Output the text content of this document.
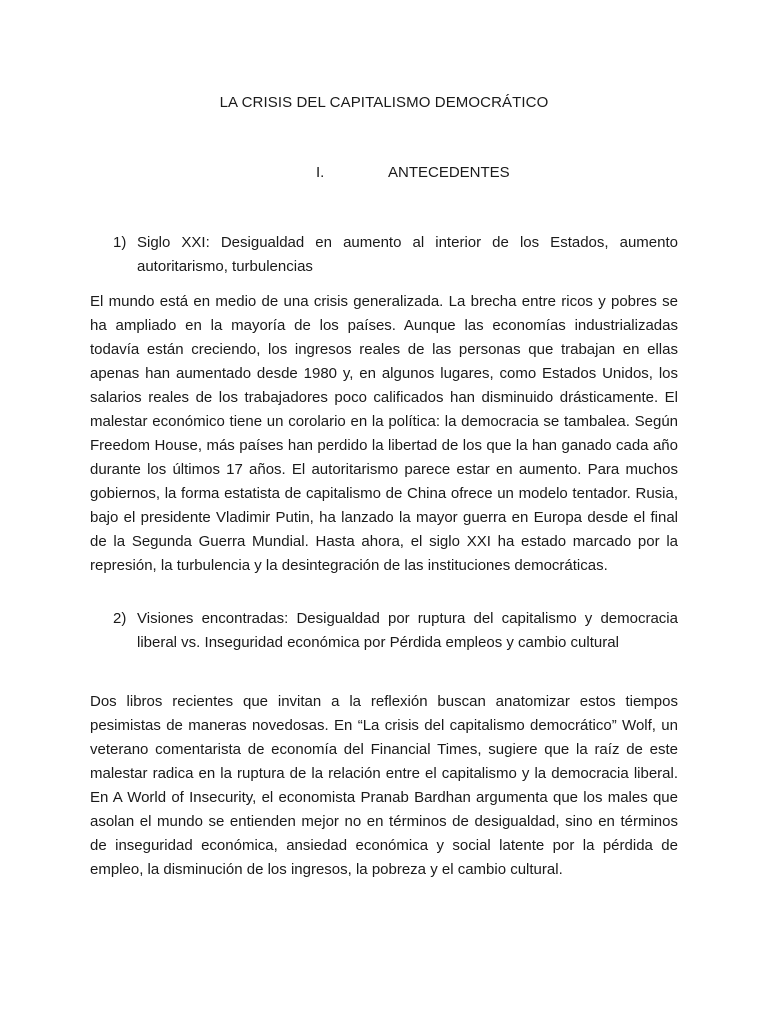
LA CRISIS DEL CAPITALISMO DEMOCRÁTICO
I.	ANTECEDENTES
1) Siglo XXI: Desigualdad en aumento al interior de los Estados, aumento autoritarismo, turbulencias

El mundo está en medio de una crisis generalizada. La brecha entre ricos y pobres se ha ampliado en la mayoría de los países. Aunque las economías industrializadas todavía están creciendo, los ingresos reales de las personas que trabajan en ellas apenas han aumentado desde 1980 y, en algunos lugares, como Estados Unidos, los salarios reales de los trabajadores poco calificados han disminuido drásticamente. El malestar económico tiene un corolario en la política: la democracia se tambalea. Según Freedom House, más países han perdido la libertad de los que la han ganado cada año durante los últimos 17 años. El autoritarismo parece estar en aumento. Para muchos gobiernos, la forma estatista de capitalismo de China ofrece un modelo tentador. Rusia, bajo el presidente Vladimir Putin, ha lanzado la mayor guerra en Europa desde el final de la Segunda Guerra Mundial. Hasta ahora, el siglo XXI ha estado marcado por la represión, la turbulencia y la desintegración de las instituciones democráticas.

2) Visiones encontradas: Desigualdad por ruptura del capitalismo y democracia liberal vs. Inseguridad económica por Pérdida empleos y cambio cultural

Dos libros recientes que invitan a la reflexión buscan anatomizar estos tiempos pesimistas de maneras novedosas. En “La crisis del capitalismo democrático” Wolf, un veterano comentarista de economía del Financial Times, sugiere que la raíz de este malestar radica en la ruptura de la relación entre el capitalismo y la democracia liberal. En A World of Insecurity, el economista Pranab Bardhan argumenta que los males que asolan el mundo se entienden mejor no en términos de desigualdad, sino en términos de inseguridad económica, ansiedad económica y social latente por la pérdida de empleo, la disminución de los ingresos, la pobreza y el cambio cultural.
